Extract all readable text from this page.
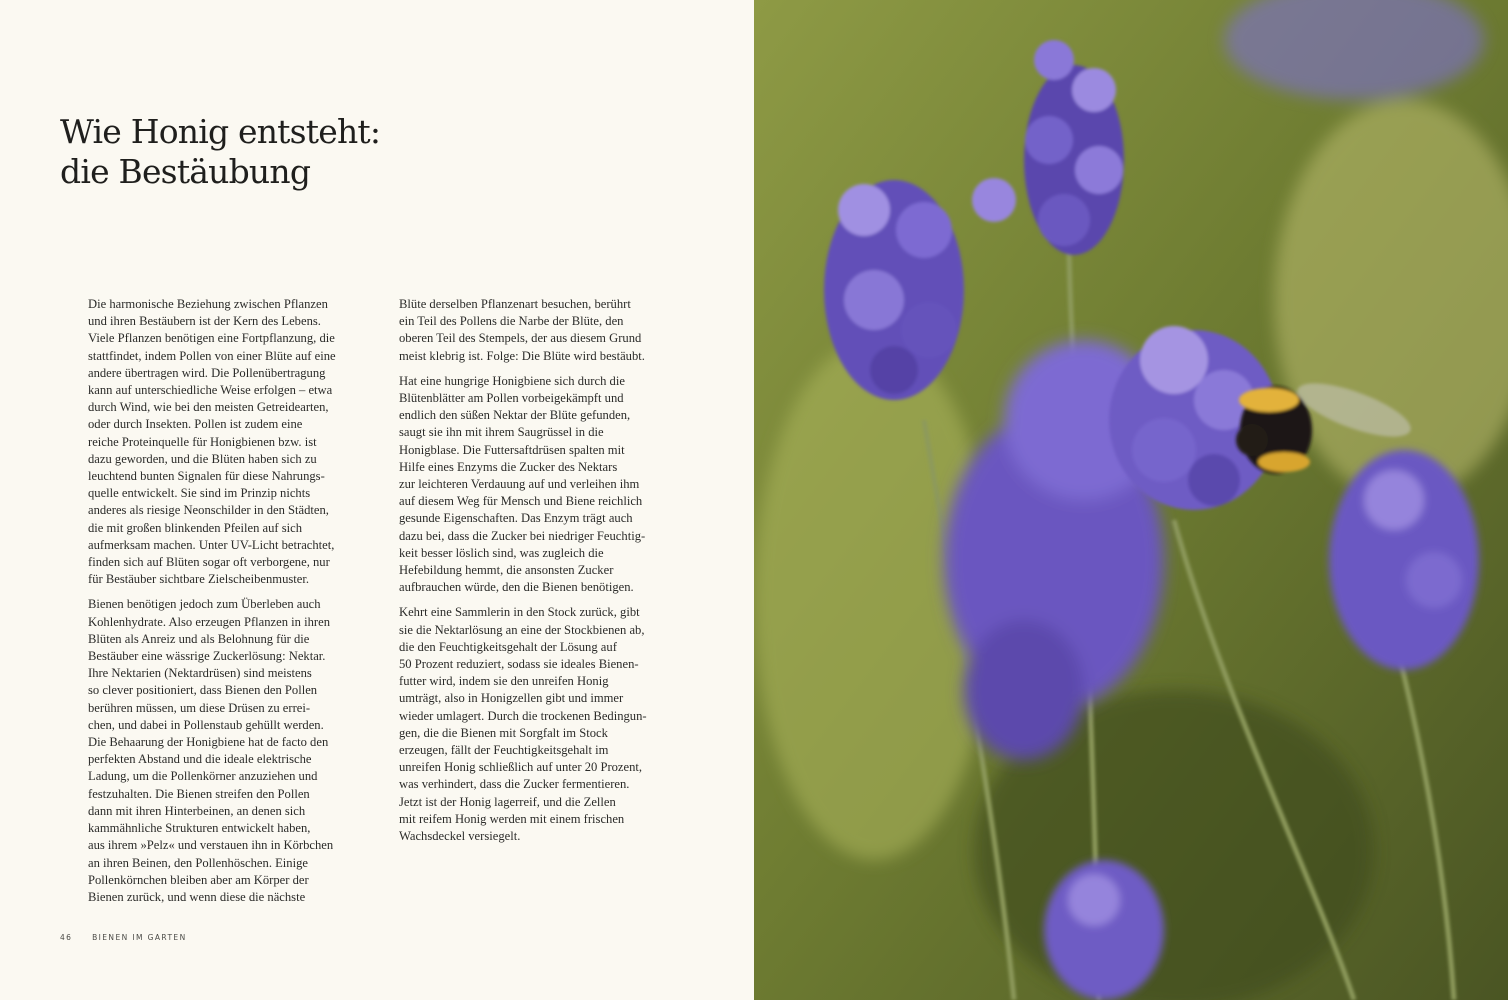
Wie Honig entsteht:
die Bestäubung

Die harmonische Beziehung zwischen Pflanzen
und ihren Bestäubern ist der Kern des Lebens.
Viele Pflanzen benötigen eine Fortpflanzung, die
stattfindet, indem Pollen von einer Blüte auf eine
andere übertragen wird. Die Pollenübertragung
kann auf unterschiedliche Weise erfolgen – etwa
durch Wind, wie bei den meisten Getreidearten,
oder durch Insekten. Pollen ist zudem eine
reiche Proteinquelle für Honigbienen bzw. ist
dazu geworden, und die Blüten haben sich zu
leuchtend bunten Signalen für diese Nahrungs-
quelle entwickelt. Sie sind im Prinzip nichts
anderes als riesige Neonschilder in den Städten,
die mit großen blinkenden Pfeilen auf sich
aufmerksam machen. Unter UV-Licht betrachtet,
finden sich auf Blüten sogar oft verborgene, nur
für Bestäuber sichtbare Zielscheibenmuster.

Bienen benötigen jedoch zum Überleben auch
Kohlenhydrate. Also erzeugen Pflanzen in ihren
Blüten als Anreiz und als Belohnung für die
Bestäuber eine wässrige Zuckerlösung: Nektar.
Ihre Nektarien (Nektardrüsen) sind meistens
so clever positioniert, dass Bienen den Pollen
berühren müssen, um diese Drüsen zu errei-
chen, und dabei in Pollenstaub gehüllt werden.
Die Behaarung der Honigbiene hat de facto den
perfekten Abstand und die ideale elektrische
Ladung, um die Pollenkörner anzuziehen und
festzuhalten. Die Bienen streifen den Pollen
dann mit ihren Hinterbeinen, an denen sich
kammähnliche Strukturen entwickelt haben,
aus ihrem »Pelz« und verstauen ihn in Körbchen
an ihren Beinen, den Pollenhöschen. Einige
Pollenkörnchen bleiben aber am Körper der
Bienen zurück, und wenn diese die nächste

Blüte derselben Pflanzenart besuchen, berührt
ein Teil des Pollens die Narbe der Blüte, den
oberen Teil des Stempels, der aus diesem Grund
meist klebrig ist. Folge: Die Blüte wird bestäubt.

Hat eine hungrige Honigbiene sich durch die
Blütenblätter am Pollen vorbeigekämpft und
endlich den süßen Nektar der Blüte gefunden,
saugt sie ihn mit ihrem Saugrüssel in die
Honigblase. Die Futtersaftdrüsen spalten mit
Hilfe eines Enzyms die Zucker des Nektars
zur leichteren Verdauung auf und verleihen ihm
auf diesem Weg für Mensch und Biene reichlich
gesunde Eigenschaften. Das Enzym trägt auch
dazu bei, dass die Zucker bei niedriger Feuchtig-
keit besser löslich sind, was zugleich die
Hefebildung hemmt, die ansonsten Zucker
aufbrauchen würde, den die Bienen benötigen.

Kehrt eine Sammlerin in den Stock zurück, gibt
sie die Nektarlösung an eine der Stockbienen ab,
die den Feuchtigkeitsgehalt der Lösung auf
50 Prozent reduziert, sodass sie ideales Bienen-
futter wird, indem sie den unreifen Honig
umträgt, also in Honigzellen gibt und immer
wieder umlagert. Durch die trockenen Bedingun-
gen, die die Bienen mit Sorgfalt im Stock
erzeugen, fällt der Feuchtigkeitsgehalt im
unreifen Honig schließlich auf unter 20 Prozent,
was verhindert, dass die Zucker fermentieren.
Jetzt ist der Honig lagerreif, und die Zellen
mit reifem Honig werden mit einem frischen
Wachsdeckel versiegelt.

46	BIENEN IM GARTEN
